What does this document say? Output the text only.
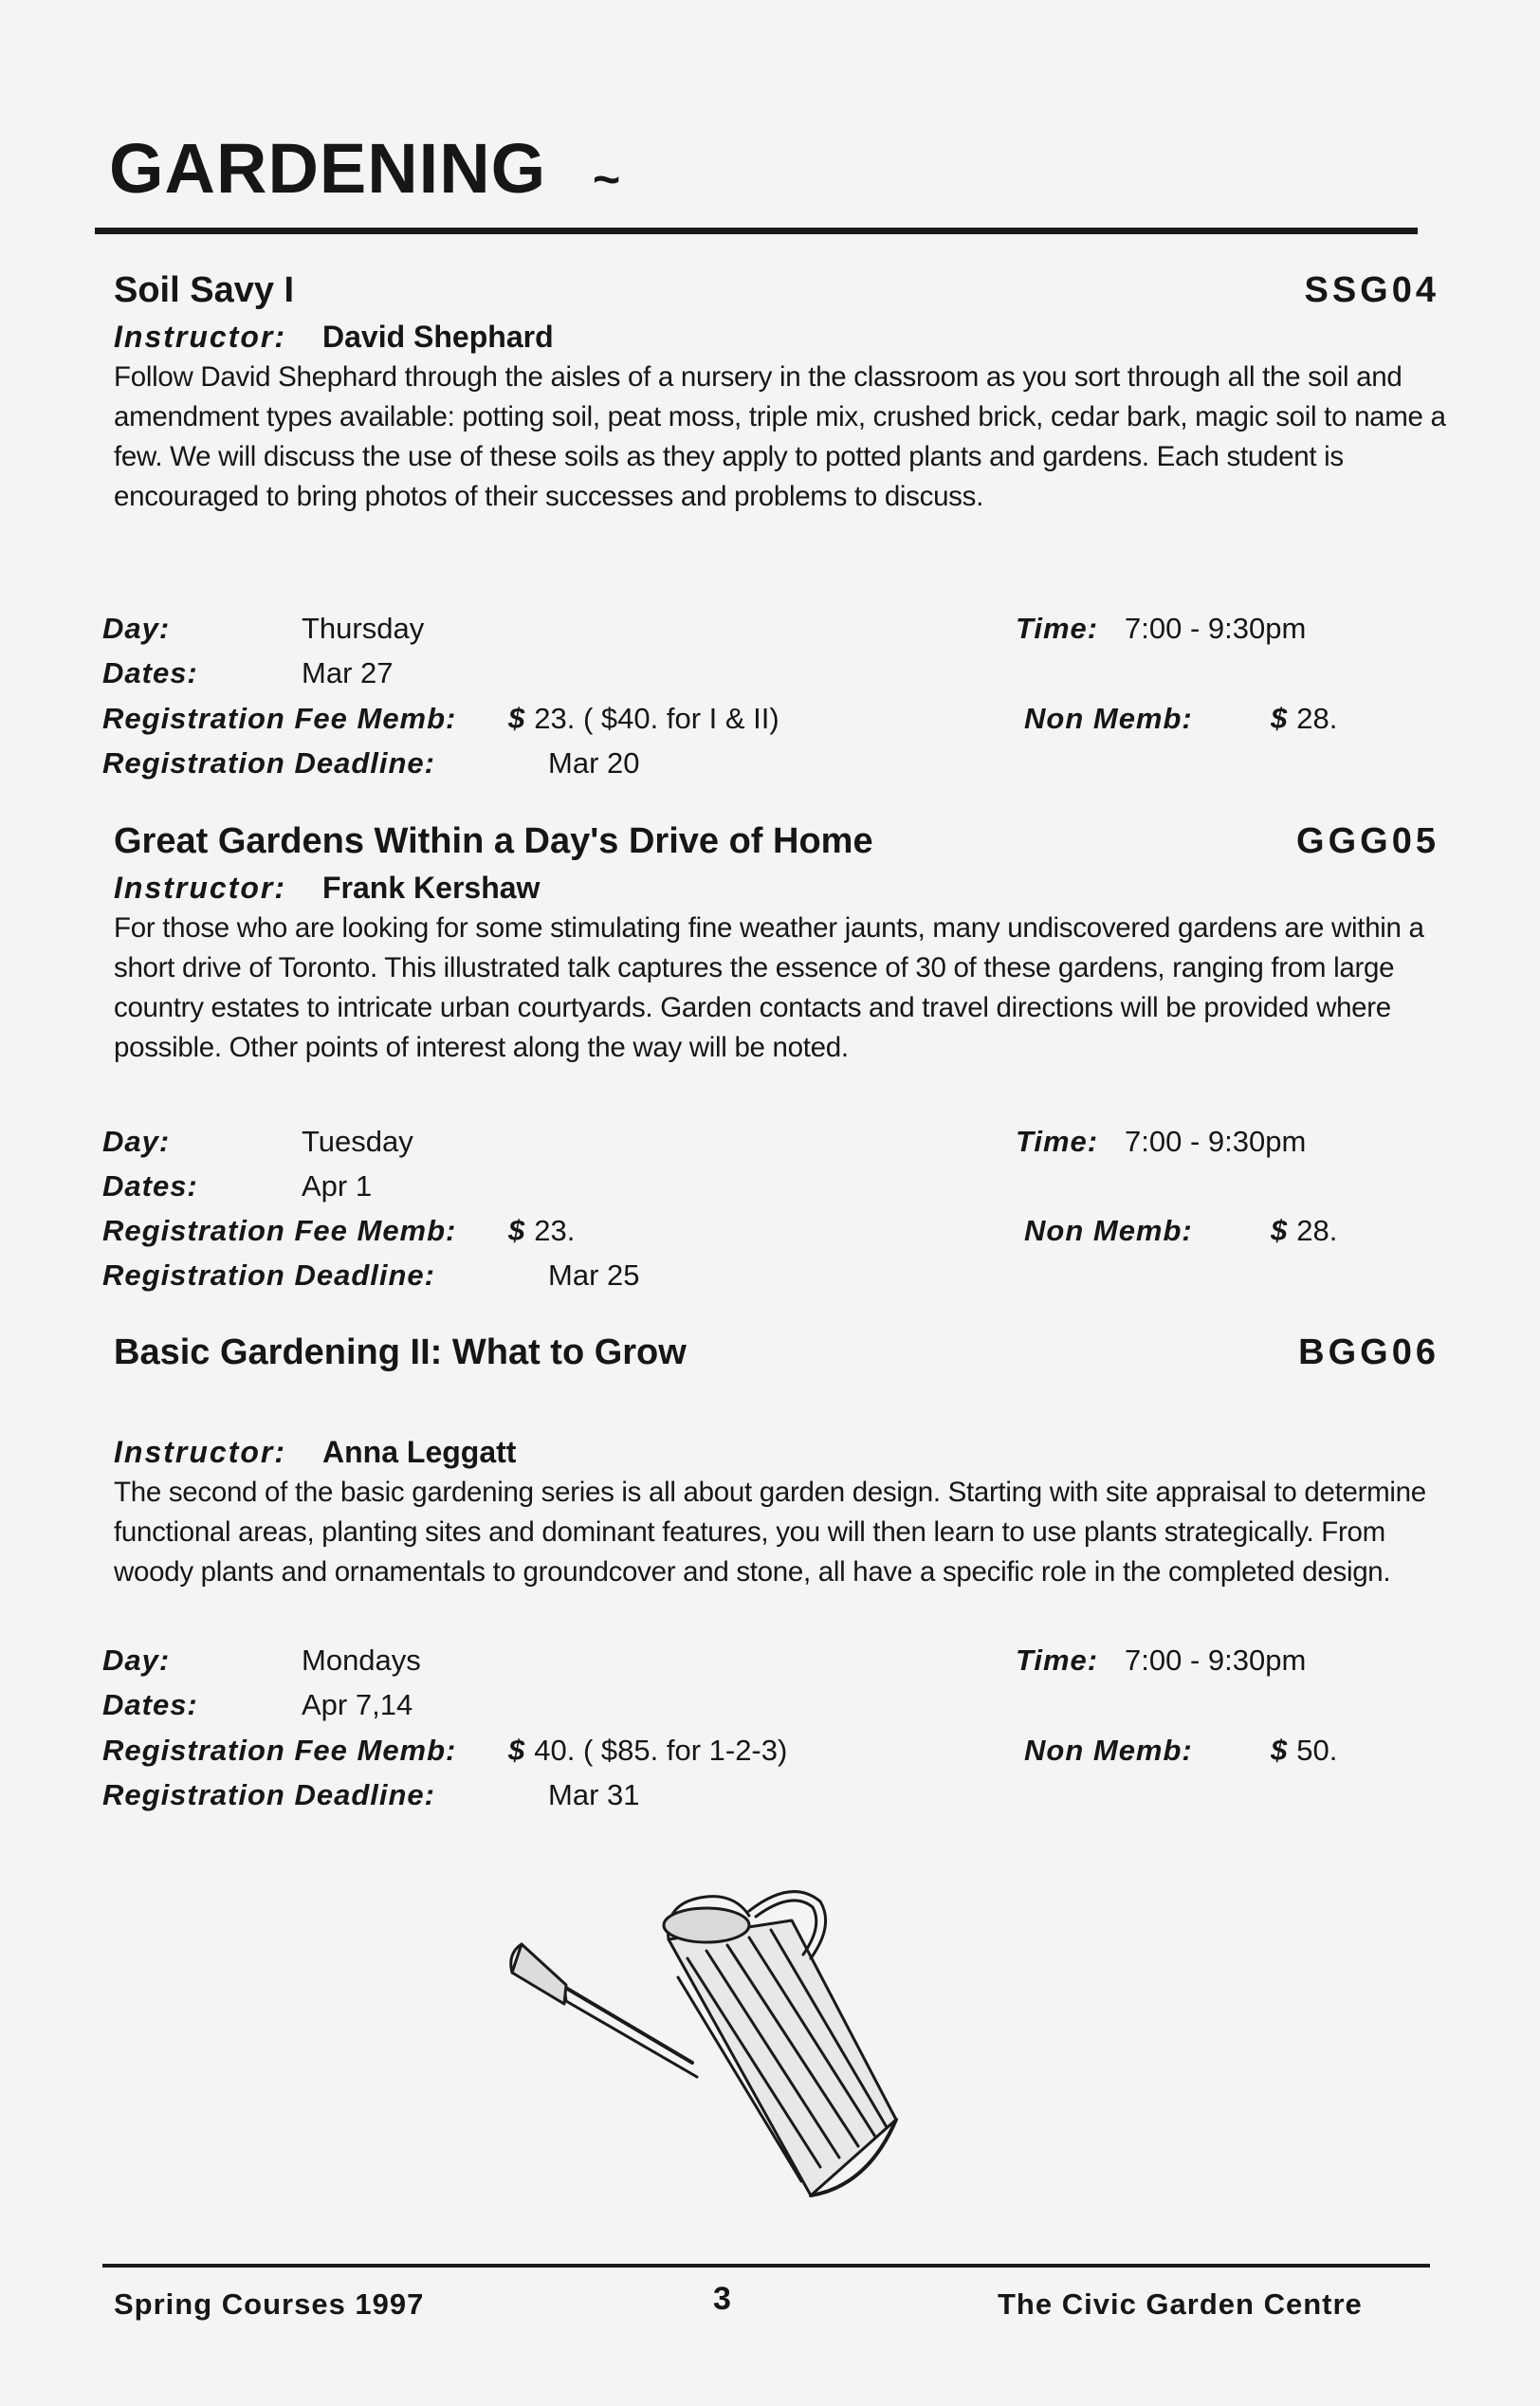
GARDENING ~
Soil Savy I	SSG04
Instructor: David Shephard
Follow David Shephard through the aisles of a nursery in the classroom as you sort through all the soil and amendment types available: potting soil, peat moss, triple mix, crushed brick, cedar bark, magic soil to name a few. We will discuss the use of these soils as they apply to potted plants and gardens. Each student is encouraged to bring photos of their successes and problems to discuss.
Day:	Thursday	Time: 7:00 - 9:30pm
Dates:	Mar 27
Registration Fee Memb: $ 23. ( $40. for I & II)	Non Memb:	$ 28.
Registration Deadline:	Mar 20
Great Gardens Within a Day's Drive of Home	GGG05
Instructor: Frank Kershaw
For those who are looking for some stimulating fine weather jaunts, many undiscovered gardens are within a short drive of Toronto. This illustrated talk captures the essence of 30 of these gardens, ranging from large country estates to intricate urban courtyards. Garden contacts and travel directions will be provided where possible. Other points of interest along the way will be noted.
Day:	Tuesday	Time: 7:00 - 9:30pm
Dates:	Apr 1
Registration Fee Memb: $ 23.	Non Memb:	$ 28.
Registration Deadline:	Mar 25
Basic Gardening II: What to Grow	BGG06
Instructor: Anna Leggatt
The second of the basic gardening series is all about garden design. Starting with site appraisal to determine functional areas, planting sites and dominant features, you will then learn to use plants strategically. From woody plants and ornamentals to groundcover and stone, all have a specific role in the completed design.
Day:	Mondays	Time: 7:00 - 9:30pm
Dates:	Apr 7,14
Registration Fee Memb: $ 40. ( $85. for 1-2-3)	Non Memb:	$ 50.
Registration Deadline:	Mar 31
Spring Courses 1997	3	The Civic Garden Centre
